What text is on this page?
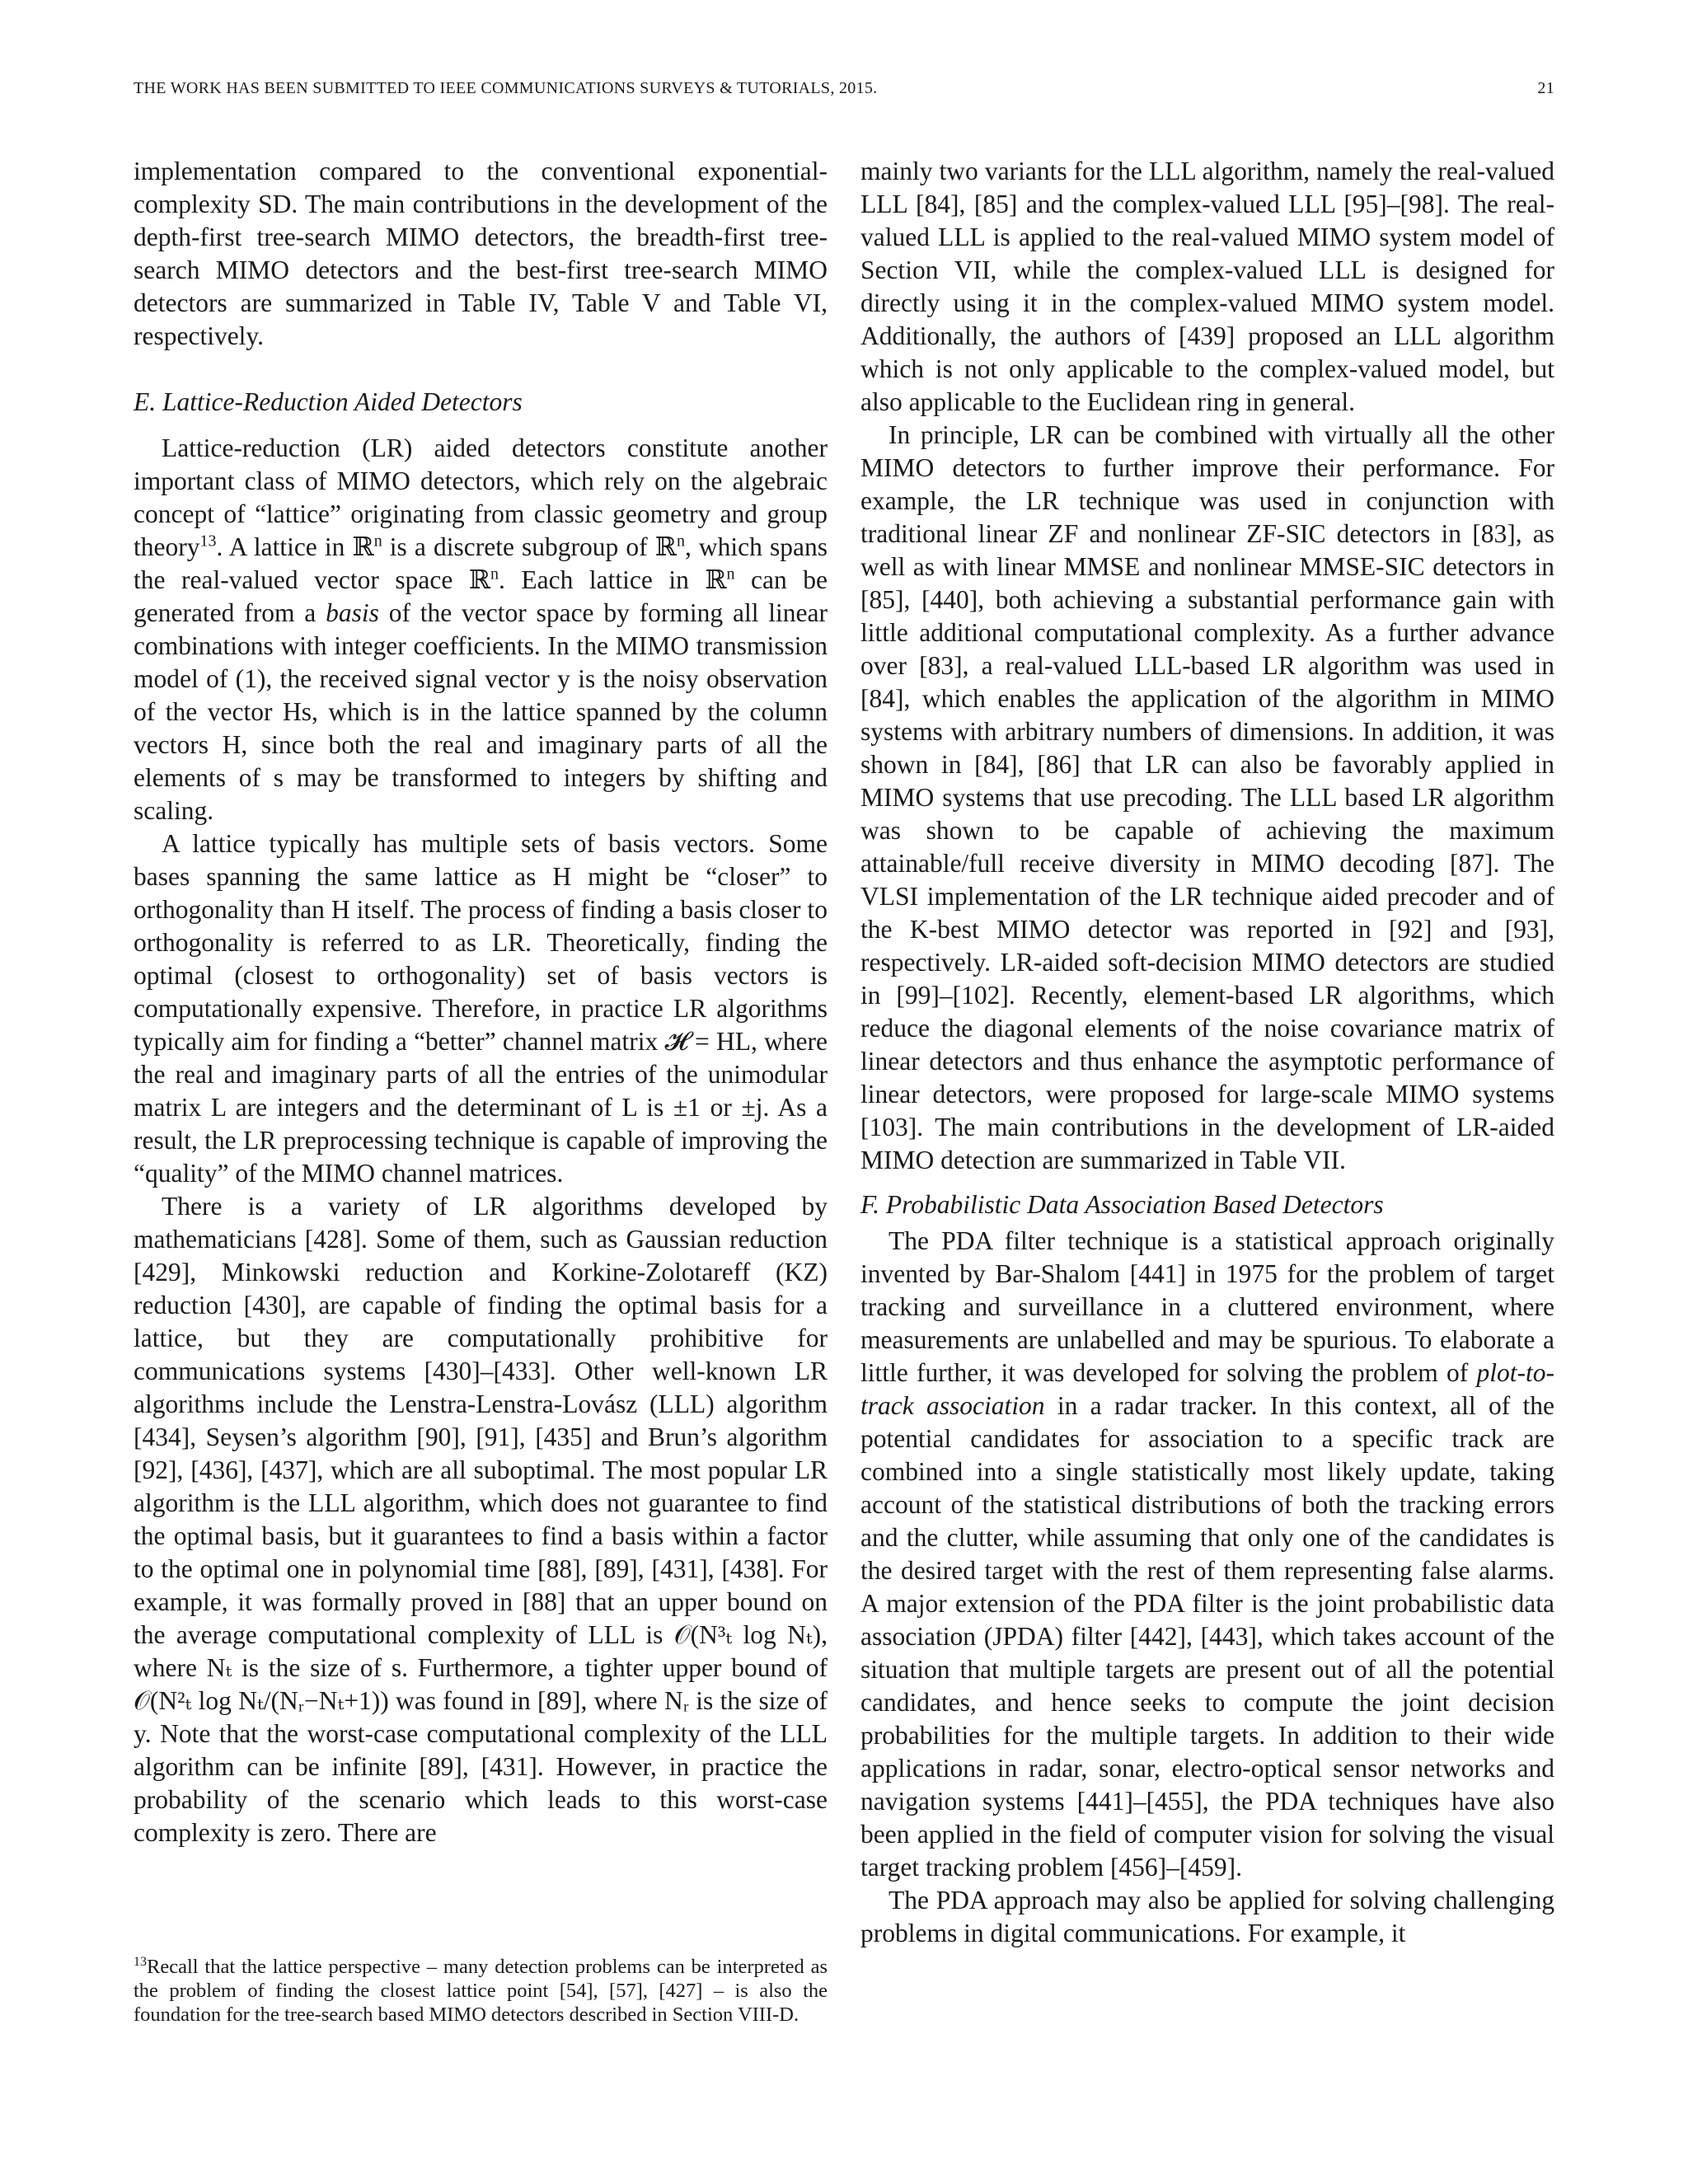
THE WORK HAS BEEN SUBMITTED TO IEEE COMMUNICATIONS SURVEYS & TUTORIALS, 2015.	21

implementation compared to the conventional exponential-complexity SD. The main contributions in the development of the depth-first tree-search MIMO detectors, the breadth-first tree-search MIMO detectors and the best-first tree-search MIMO detectors are summarized in Table IV, Table V and Table VI, respectively.

E. Lattice-Reduction Aided Detectors

Lattice-reduction (LR) aided detectors constitute another important class of MIMO detectors, which rely on the algebraic concept of “lattice” originating from classic geometry and group theory$^{13}$. A lattice in ℝ$^n$ is a discrete subgroup of ℝ$^n$, which spans the real-valued vector space ℝ$^n$. Each lattice in ℝ$^n$ can be generated from a basis of the vector space by forming all linear combinations with integer coefficients. In the MIMO transmission model of (1), the received signal vector y is the noisy observation of the vector Hs, which is in the lattice spanned by the column vectors H, since both the real and imaginary parts of all the elements of s may be transformed to integers by shifting and scaling.

A lattice typically has multiple sets of basis vectors. Some bases spanning the same lattice as H might be “closer” to orthogonality than H itself. The process of finding a basis closer to orthogonality is referred to as LR. Theoretically, finding the optimal (closest to orthogonality) set of basis vectors is computationally expensive. Therefore, in practice LR algorithms typically aim for finding a “better” channel matrix 𝓗 = HL, where the real and imaginary parts of all the entries of the unimodular matrix L are integers and the determinant of L is ±1 or ±j. As a result, the LR preprocessing technique is capable of improving the “quality” of the MIMO channel matrices.

There is a variety of LR algorithms developed by mathematicians [428]. Some of them, such as Gaussian reduction [429], Minkowski reduction and Korkine-Zolotareff (KZ) reduction [430], are capable of finding the optimal basis for a lattice, but they are computationally prohibitive for communications systems [430]–[433]. Other well-known LR algorithms include the Lenstra-Lenstra-Lovász (LLL) algorithm [434], Seysen’s algorithm [90], [91], [435] and Brun’s algorithm [92], [436], [437], which are all suboptimal. The most popular LR algorithm is the LLL algorithm, which does not guarantee to find the optimal basis, but it guarantees to find a basis within a factor to the optimal one in polynomial time [88], [89], [431], [438]. For example, it was formally proved in [88] that an upper bound on the average computational complexity of LLL is 𝒪(N³ₜ log Nₜ), where Nₜ is the size of s. Furthermore, a tighter upper bound of 𝒪(N²ₜ log Nₜ/(Nᵣ−Nₜ+1)) was found in [89], where Nᵣ is the size of y. Note that the worst-case computational complexity of the LLL algorithm can be infinite [89], [431]. However, in practice the probability of the scenario which leads to this worst-case complexity is zero. There are

$^{13}$Recall that the lattice perspective – many detection problems can be interpreted as the problem of finding the closest lattice point [54], [57], [427] – is also the foundation for the tree-search based MIMO detectors described in Section VIII-D.

mainly two variants for the LLL algorithm, namely the real-valued LLL [84], [85] and the complex-valued LLL [95]–[98]. The real-valued LLL is applied to the real-valued MIMO system model of Section VII, while the complex-valued LLL is designed for directly using it in the complex-valued MIMO system model. Additionally, the authors of [439] proposed an LLL algorithm which is not only applicable to the complex-valued model, but also applicable to the Euclidean ring in general.

In principle, LR can be combined with virtually all the other MIMO detectors to further improve their performance. For example, the LR technique was used in conjunction with traditional linear ZF and nonlinear ZF-SIC detectors in [83], as well as with linear MMSE and nonlinear MMSE-SIC detectors in [85], [440], both achieving a substantial performance gain with little additional computational complexity. As a further advance over [83], a real-valued LLL-based LR algorithm was used in [84], which enables the application of the algorithm in MIMO systems with arbitrary numbers of dimensions. In addition, it was shown in [84], [86] that LR can also be favorably applied in MIMO systems that use precoding. The LLL based LR algorithm was shown to be capable of achieving the maximum attainable/full receive diversity in MIMO decoding [87]. The VLSI implementation of the LR technique aided precoder and of the K-best MIMO detector was reported in [92] and [93], respectively. LR-aided soft-decision MIMO detectors are studied in [99]–[102]. Recently, element-based LR algorithms, which reduce the diagonal elements of the noise covariance matrix of linear detectors and thus enhance the asymptotic performance of linear detectors, were proposed for large-scale MIMO systems [103]. The main contributions in the development of LR-aided MIMO detection are summarized in Table VII.

F. Probabilistic Data Association Based Detectors

The PDA filter technique is a statistical approach originally invented by Bar-Shalom [441] in 1975 for the problem of target tracking and surveillance in a cluttered environment, where measurements are unlabelled and may be spurious. To elaborate a little further, it was developed for solving the problem of plot-to-track association in a radar tracker. In this context, all of the potential candidates for association to a specific track are combined into a single statistically most likely update, taking account of the statistical distributions of both the tracking errors and the clutter, while assuming that only one of the candidates is the desired target with the rest of them representing false alarms. A major extension of the PDA filter is the joint probabilistic data association (JPDA) filter [442], [443], which takes account of the situation that multiple targets are present out of all the potential candidates, and hence seeks to compute the joint decision probabilities for the multiple targets. In addition to their wide applications in radar, sonar, electro-optical sensor networks and navigation systems [441]–[455], the PDA techniques have also been applied in the field of computer vision for solving the visual target tracking problem [456]–[459].

The PDA approach may also be applied for solving challenging problems in digital communications. For example, it
